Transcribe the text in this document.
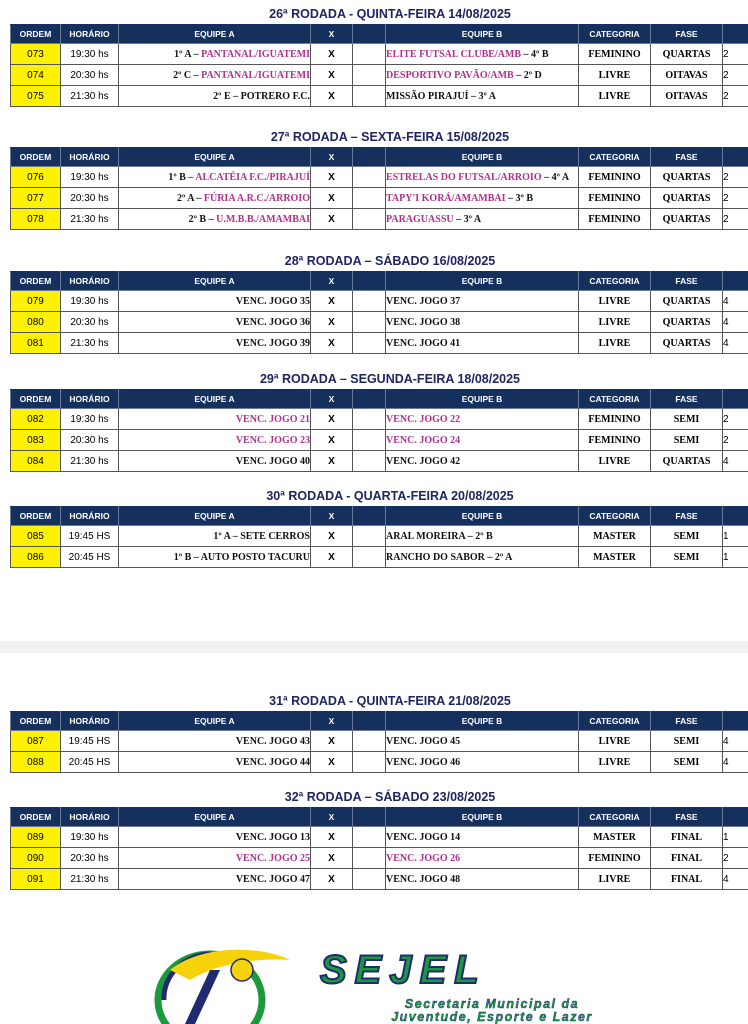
26ª RODADA - QUINTA-FEIRA 14/08/2025
ORDEM	HORÁRIO	EQUIPE A	X		EQUIPE B	CATEGORIA	FASE	
073	19:30 hs	1º A – PANTANAL/IGUATEMI	X		ELITE FUTSAL CLUBE/AMB – 4º B	FEMININO	QUARTAS	2
074	20:30 hs	2º C – PANTANAL/IGUATEMI	X		DESPORTIVO PAVÃO/AMB – 2º D	LIVRE	OITAVAS	2
075	21:30 hs	2º E – POTRERO F.C.	X		MISSÃO PIRAJUÍ – 3º A	LIVRE	OITAVAS	2
27ª RODADA – SEXTA-FEIRA 15/08/2025
ORDEM	HORÁRIO	EQUIPE A	X		EQUIPE B	CATEGORIA	FASE	
076	19:30 hs	1º B – ALCATÉIA F.C./PIRAJUÍ	X		ESTRELAS DO FUTSAL/ARROIO – 4º A	FEMININO	QUARTAS	2
077	20:30 hs	2º A – FÚRIA A.R.C./ARROIO	X		TAPY'I KORÁ/AMAMBAI – 3º B	FEMININO	QUARTAS	2
078	21:30 hs	2º B – U.M.B.B./AMAMBAI	X		PARAGUASSU – 3º A	FEMININO	QUARTAS	2
28ª RODADA – SÁBADO 16/08/2025
ORDEM	HORÁRIO	EQUIPE A	X		EQUIPE B	CATEGORIA	FASE	
079	19:30 hs	VENC. JOGO 35	X		VENC. JOGO 37	LIVRE	QUARTAS	4
080	20:30 hs	VENC. JOGO 36	X		VENC. JOGO 38	LIVRE	QUARTAS	4
081	21:30 hs	VENC. JOGO 39	X		VENC. JOGO 41	LIVRE	QUARTAS	4
29ª RODADA – SEGUNDA-FEIRA 18/08/2025
ORDEM	HORÁRIO	EQUIPE A	X		EQUIPE B	CATEGORIA	FASE	
082	19:30 hs	VENC. JOGO 21	X		VENC. JOGO 22	FEMININO	SEMI	2
083	20:30 hs	VENC. JOGO 23	X		VENC. JOGO 24	FEMININO	SEMI	2
084	21:30 hs	VENC. JOGO 40	X		VENC. JOGO 42	LIVRE	QUARTAS	4
30ª RODADA - QUARTA-FEIRA 20/08/2025
ORDEM	HORÁRIO	EQUIPE A	X		EQUIPE B	CATEGORIA	FASE	
085	19:45 HS	1º A – SETE CERROS	X		ARAL MOREIRA – 2º B	MASTER	SEMI	1
086	20:45 HS	1º B – AUTO POSTO TACURU	X		RANCHO DO SABOR – 2º A	MASTER	SEMI	1
31ª RODADA - QUINTA-FEIRA 21/08/2025
ORDEM	HORÁRIO	EQUIPE A	X		EQUIPE B	CATEGORIA	FASE	
087	19:45 HS	VENC. JOGO 43	X		VENC. JOGO 45	LIVRE	SEMI	4
088	20:45 HS	VENC. JOGO 44	X		VENC. JOGO 46	LIVRE	SEMI	4
32ª RODADA – SÁBADO 23/08/2025
ORDEM	HORÁRIO	EQUIPE A	X		EQUIPE B	CATEGORIA	FASE	
089	19:30 hs	VENC. JOGO 13	X		VENC. JOGO 14	MASTER	FINAL	1
090	20:30 hs	VENC. JOGO 25	X		VENC. JOGO 26	FEMININO	FINAL	2
091	21:30 hs	VENC. JOGO 47	X		VENC. JOGO 48	LIVRE	FINAL	4
SEJEL
Secretaria Municipal da
Juventude, Esporte e Lazer
